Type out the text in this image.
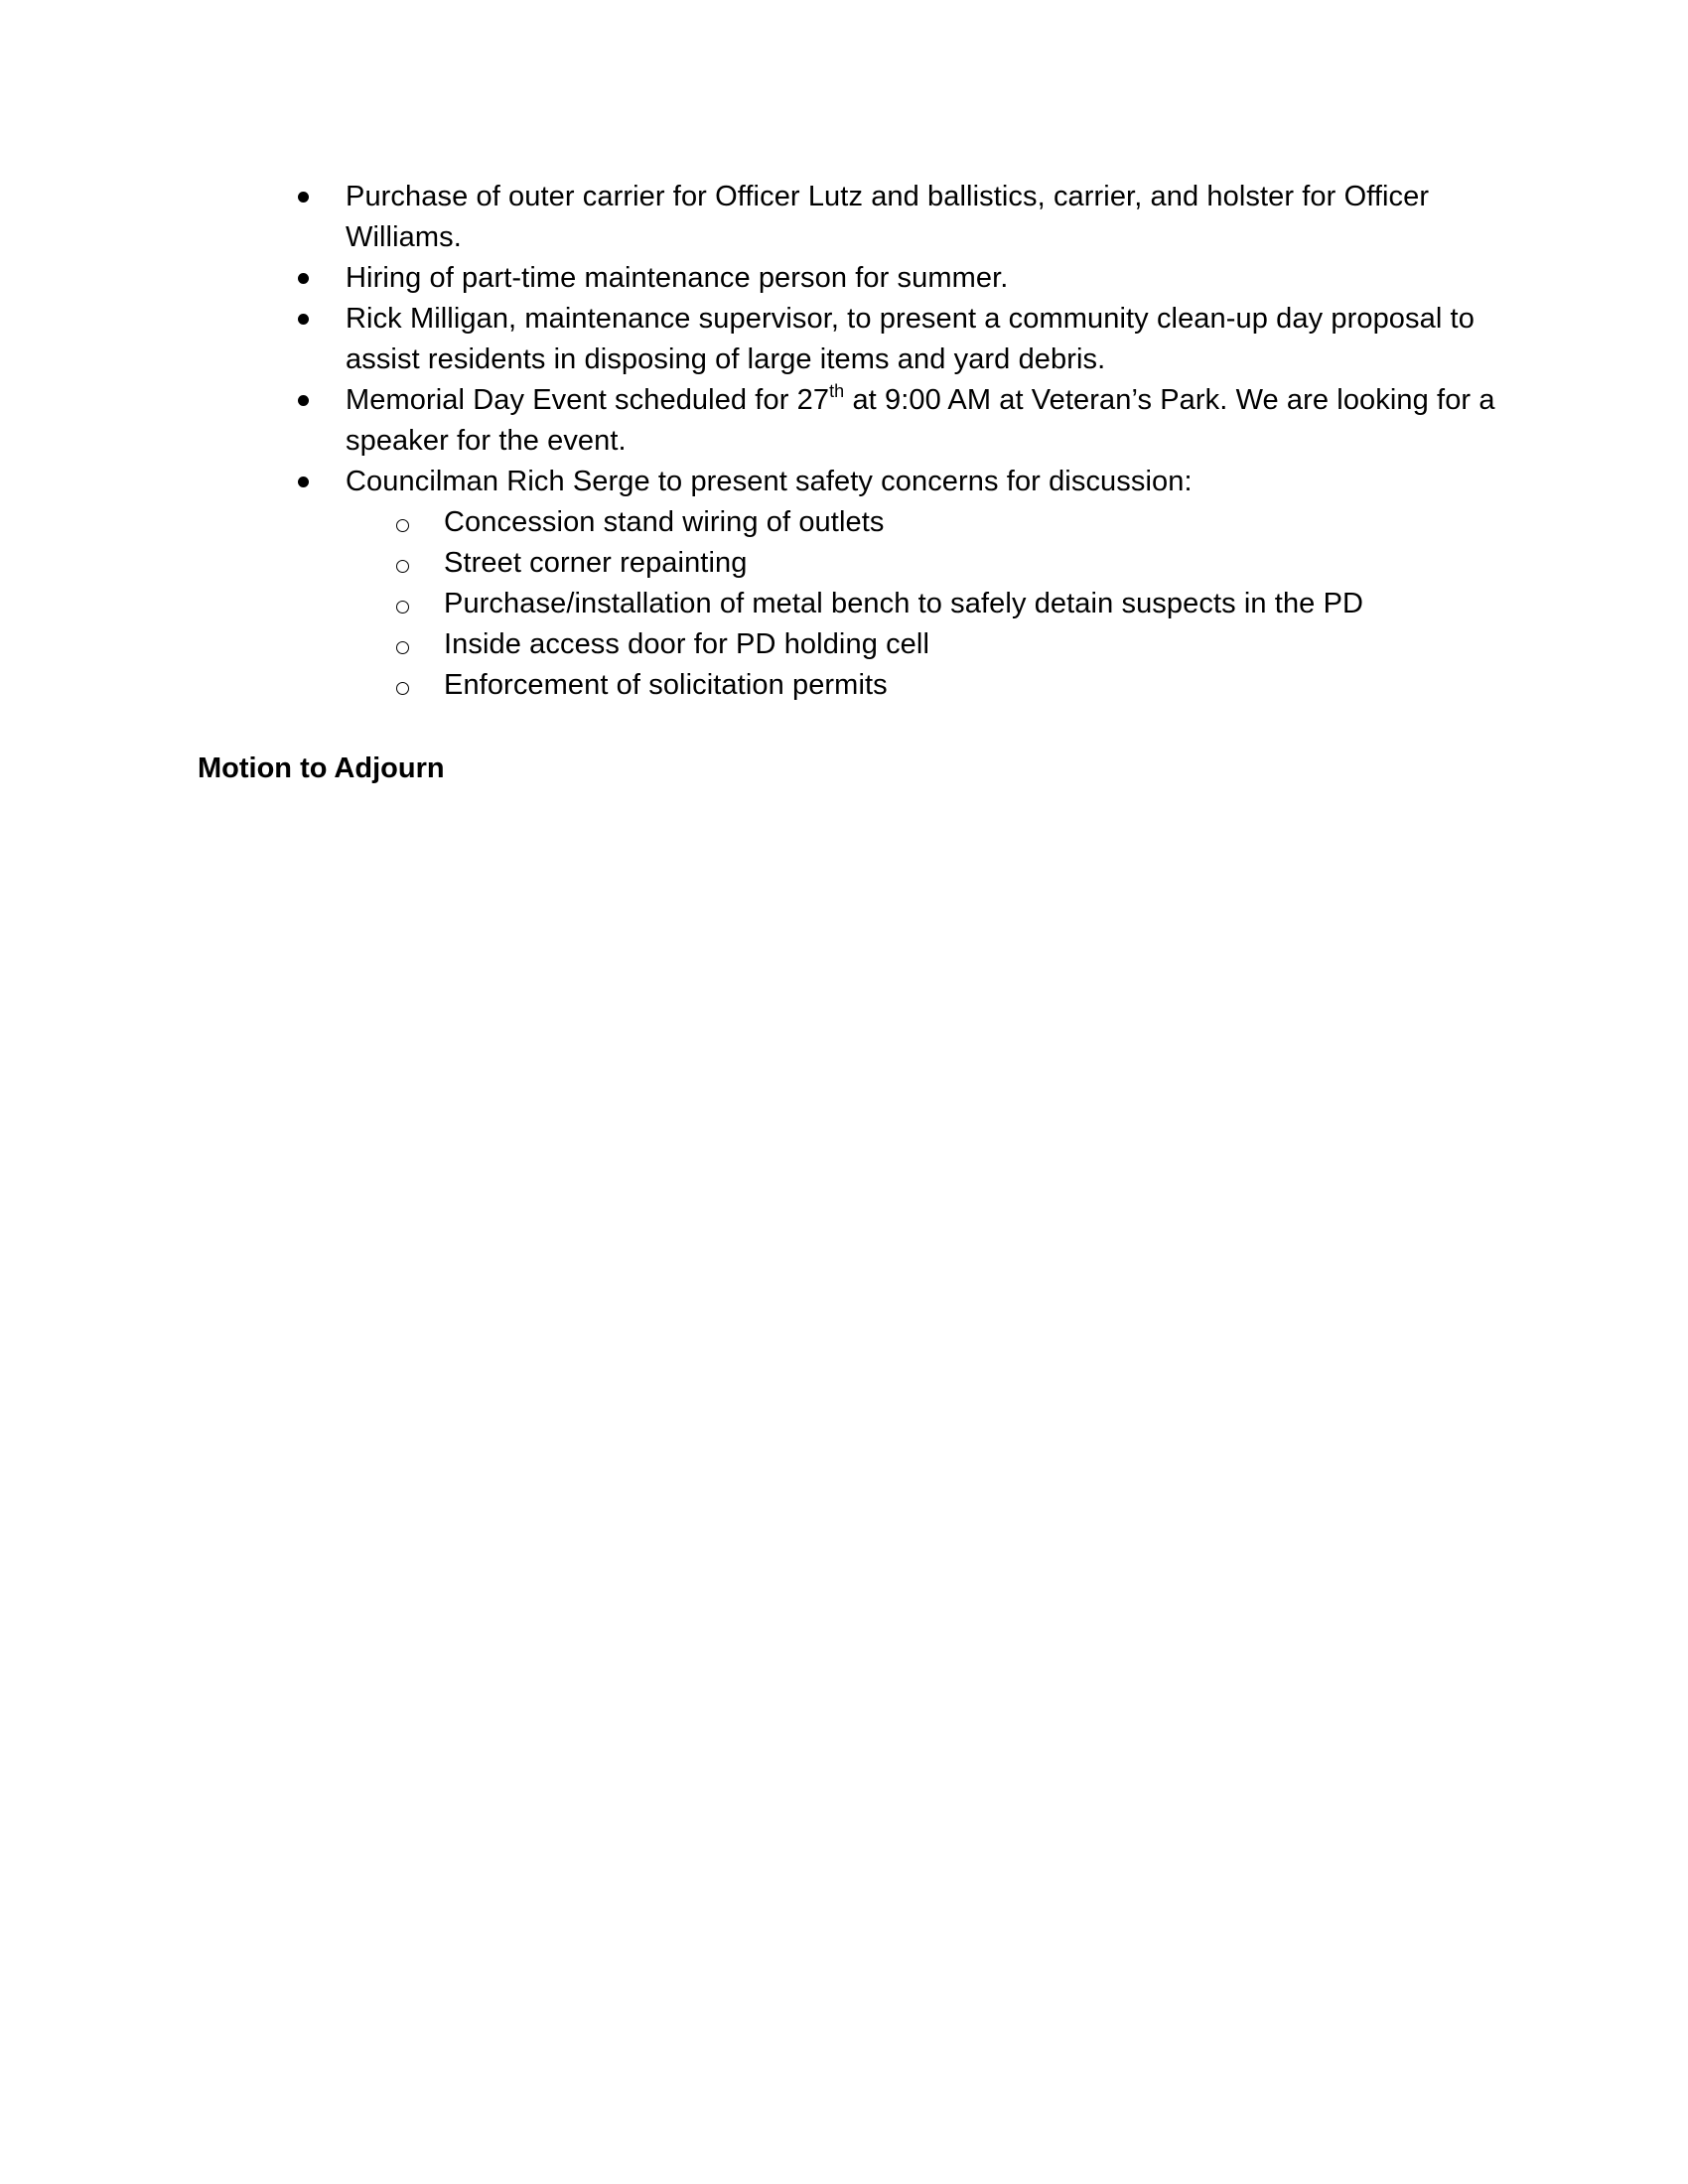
Purchase of outer carrier for Officer Lutz and ballistics, carrier, and holster for Officer Williams.
Hiring of part-time maintenance person for summer.
Rick Milligan, maintenance supervisor, to present a community clean-up day proposal to assist residents in disposing of large items and yard debris.
Memorial Day Event scheduled for 27th at 9:00 AM at Veteran’s Park. We are looking for a speaker for the event.
Councilman Rich Serge to present safety concerns for discussion:
Concession stand wiring of outlets
Street corner repainting
Purchase/installation of metal bench to safely detain suspects in the PD
Inside access door for PD holding cell
Enforcement of solicitation permits
Motion to Adjourn
